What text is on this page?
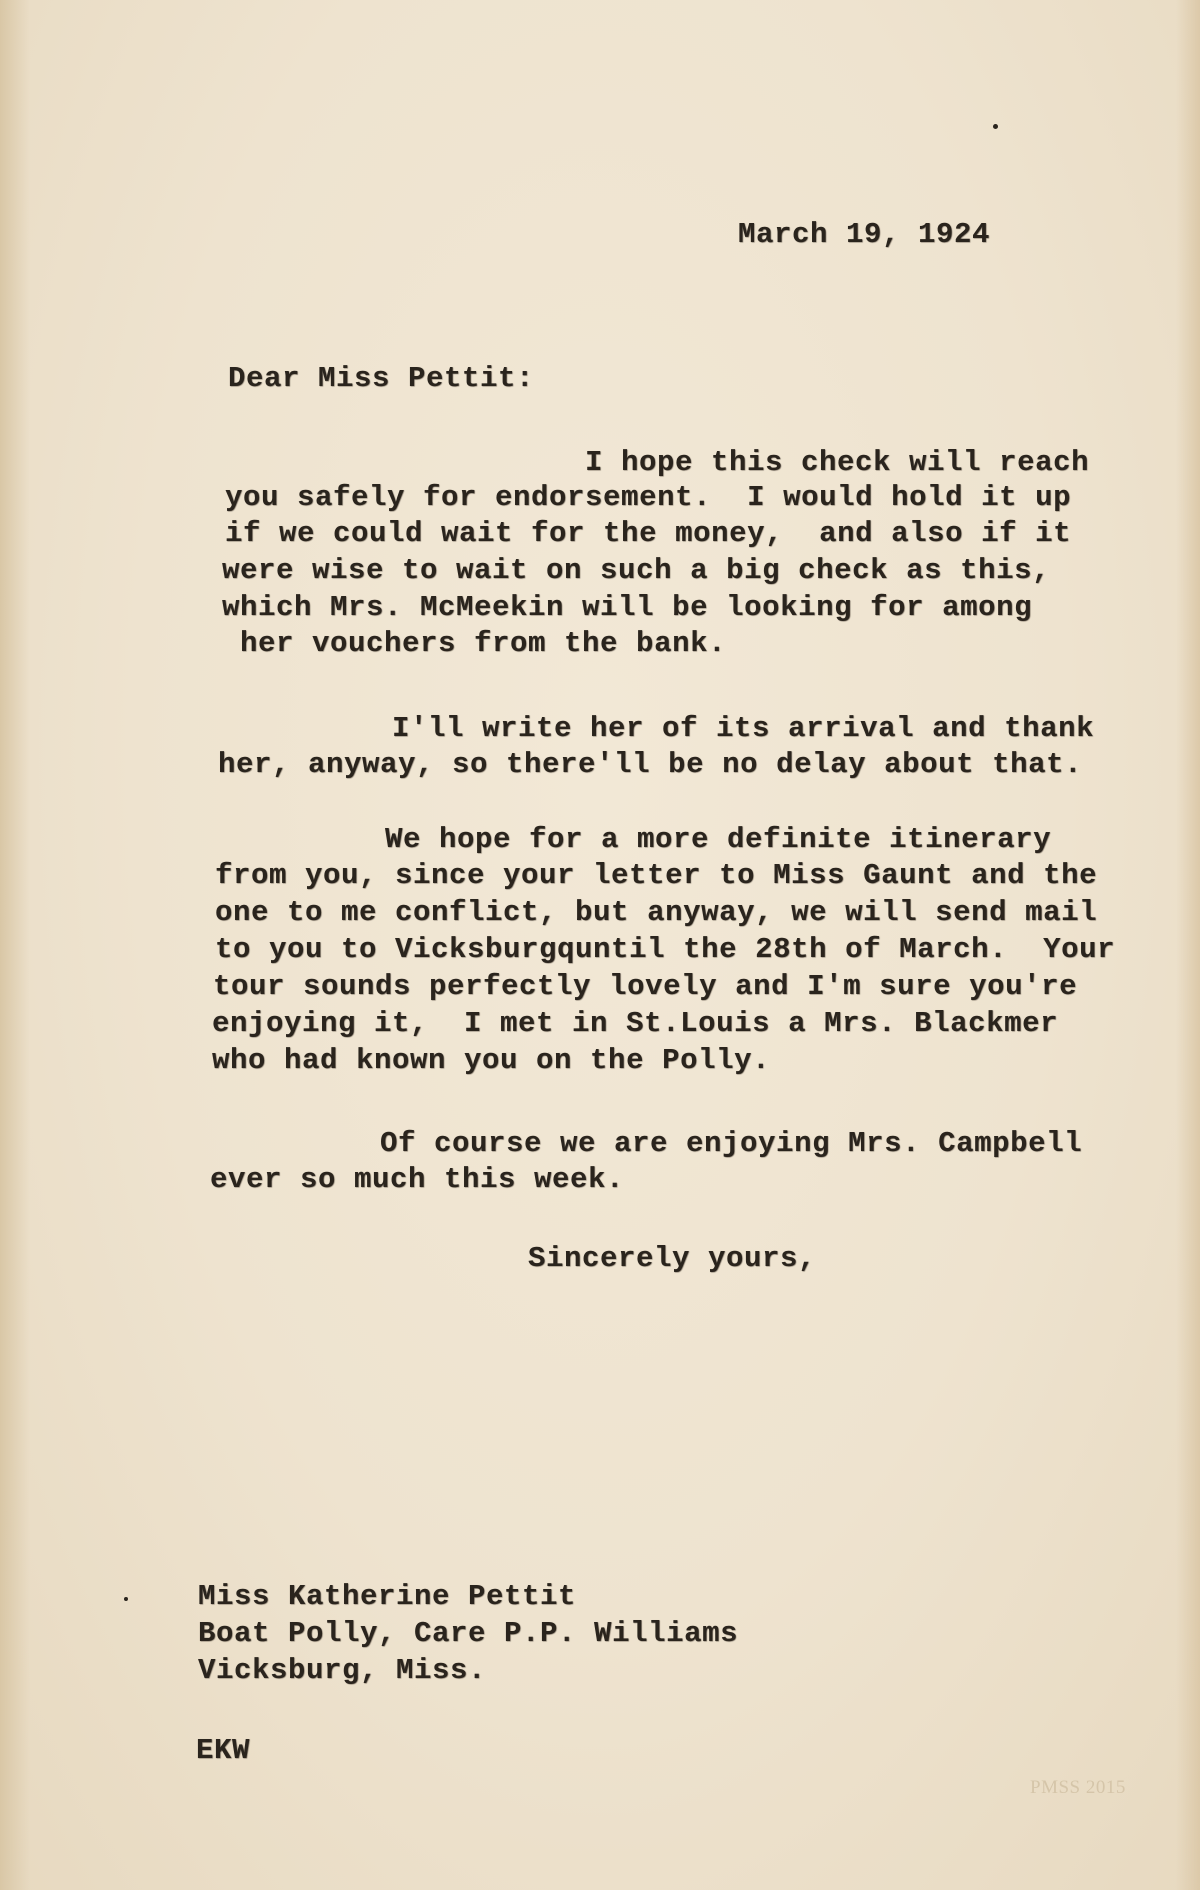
March 19, 1924
Dear Miss Pettit:
I hope this check will reach
you safely for endorsement.  I would hold it up
if we could wait for the money,  and also if it
were wise to wait on such a big check as this,
which Mrs. McMeekin will be looking for among
her vouchers from the bank.
I'll write her of its arrival and thank
her, anyway, so there'll be no delay about that.
We hope for a more definite itinerary
from you, since your letter to Miss Gaunt and the
one to me conflict, but anyway, we will send mail
to you to Vicksburgquntil the 28th of March.  Your
tour sounds perfectly lovely and I'm sure you're
enjoying it,  I met in St.Louis a Mrs. Blackmer
who had known you on the Polly.
Of course we are enjoying Mrs. Campbell
ever so much this week.
Sincerely yours,
Miss Katherine Pettit
Boat Polly, Care P.P. Williams
Vicksburg, Miss.
EKW
PMSS 2015
